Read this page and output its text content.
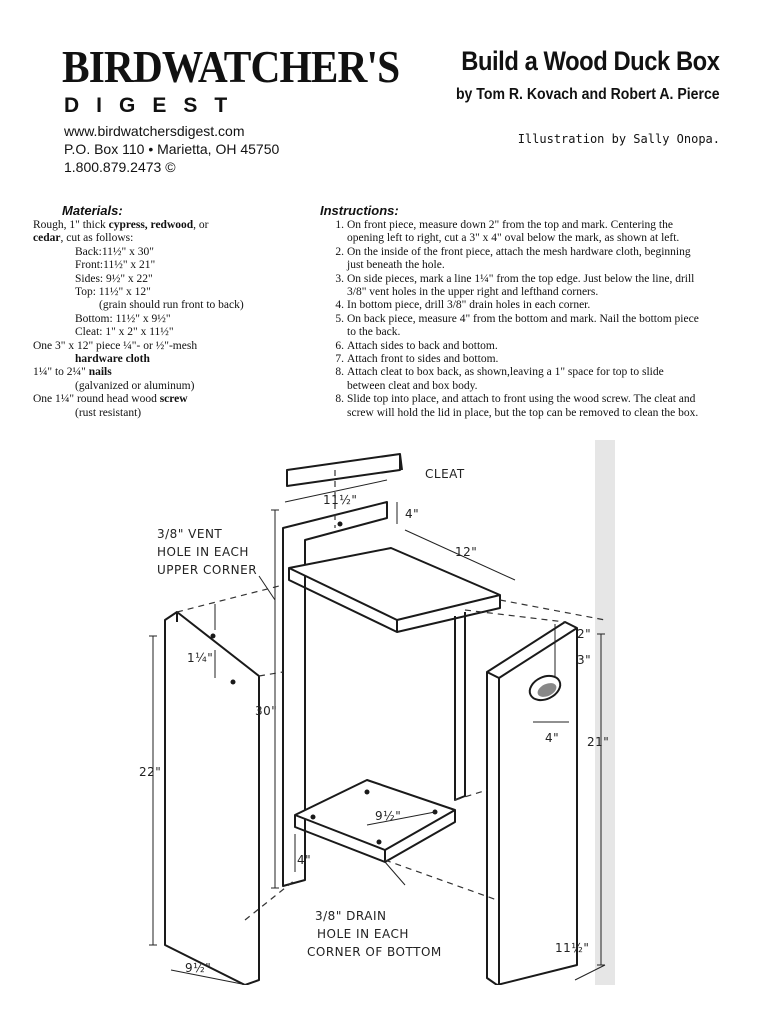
BIRDWATCHER'S
DIGEST
www.birdwatchersdigest.com
P.O. Box 110 • Marietta, OH 45750
1.800.879.2473 ©
Build a Wood Duck Box
by Tom R. Kovach and Robert A. Pierce
Illustration by Sally Onopa.
Materials:	Instructions:
Rough, 1" thick cypress, redwood, or
cedar, cut as follows:
Back:11½" x 30"
Front:11½" x 21"
Sides: 9½" x 22"
Top: 11½" x 12"
(grain should run front to back)
Bottom: 11½" x 9½"
Cleat: 1" x 2" x 11½"
One 3" x 12" piece ¼"- or ½"-mesh
hardware cloth
1¼" to 2¼" nails
(galvanized or aluminum)
One 1¼" round head wood screw
(rust resistant)
1. On front piece, measure down 2" from the top and mark. Centering the
opening left to right, cut a 3" x 4" oval below the mark, as shown at left.
2. On the inside of the front piece, attach the mesh hardware cloth, beginning
just beneath the hole.
3. On side pieces, mark a line 1¼" from the top edge. Just below the line, drill
3/8" vent holes in the upper right and lefthand corners.
4. In bottom piece, drill 3/8" drain holes in each corner.
5. On back piece, measure 4" from the bottom and mark. Nail the bottom piece
to the back.
6. Attach sides to back and bottom.
7. Attach front to sides and bottom.
8. Attach cleat to box back, as shown,leaving a 1" space for top to slide
between cleat and box body.
8. Slide top into place, and attach to front using the wood screw. The cleat and
screw will hold the lid in place, but the top can be removed to clean the box.
CLEAT
11½"
4"
12"
3/8" VENT
HOLE IN EACH
UPPER CORNER
1¼"
30"
22"
9½"
9½"
4"
3/8" DRAIN
HOLE IN EACH
CORNER OF BOTTOM
2"
3"
4" 21"
11½"
